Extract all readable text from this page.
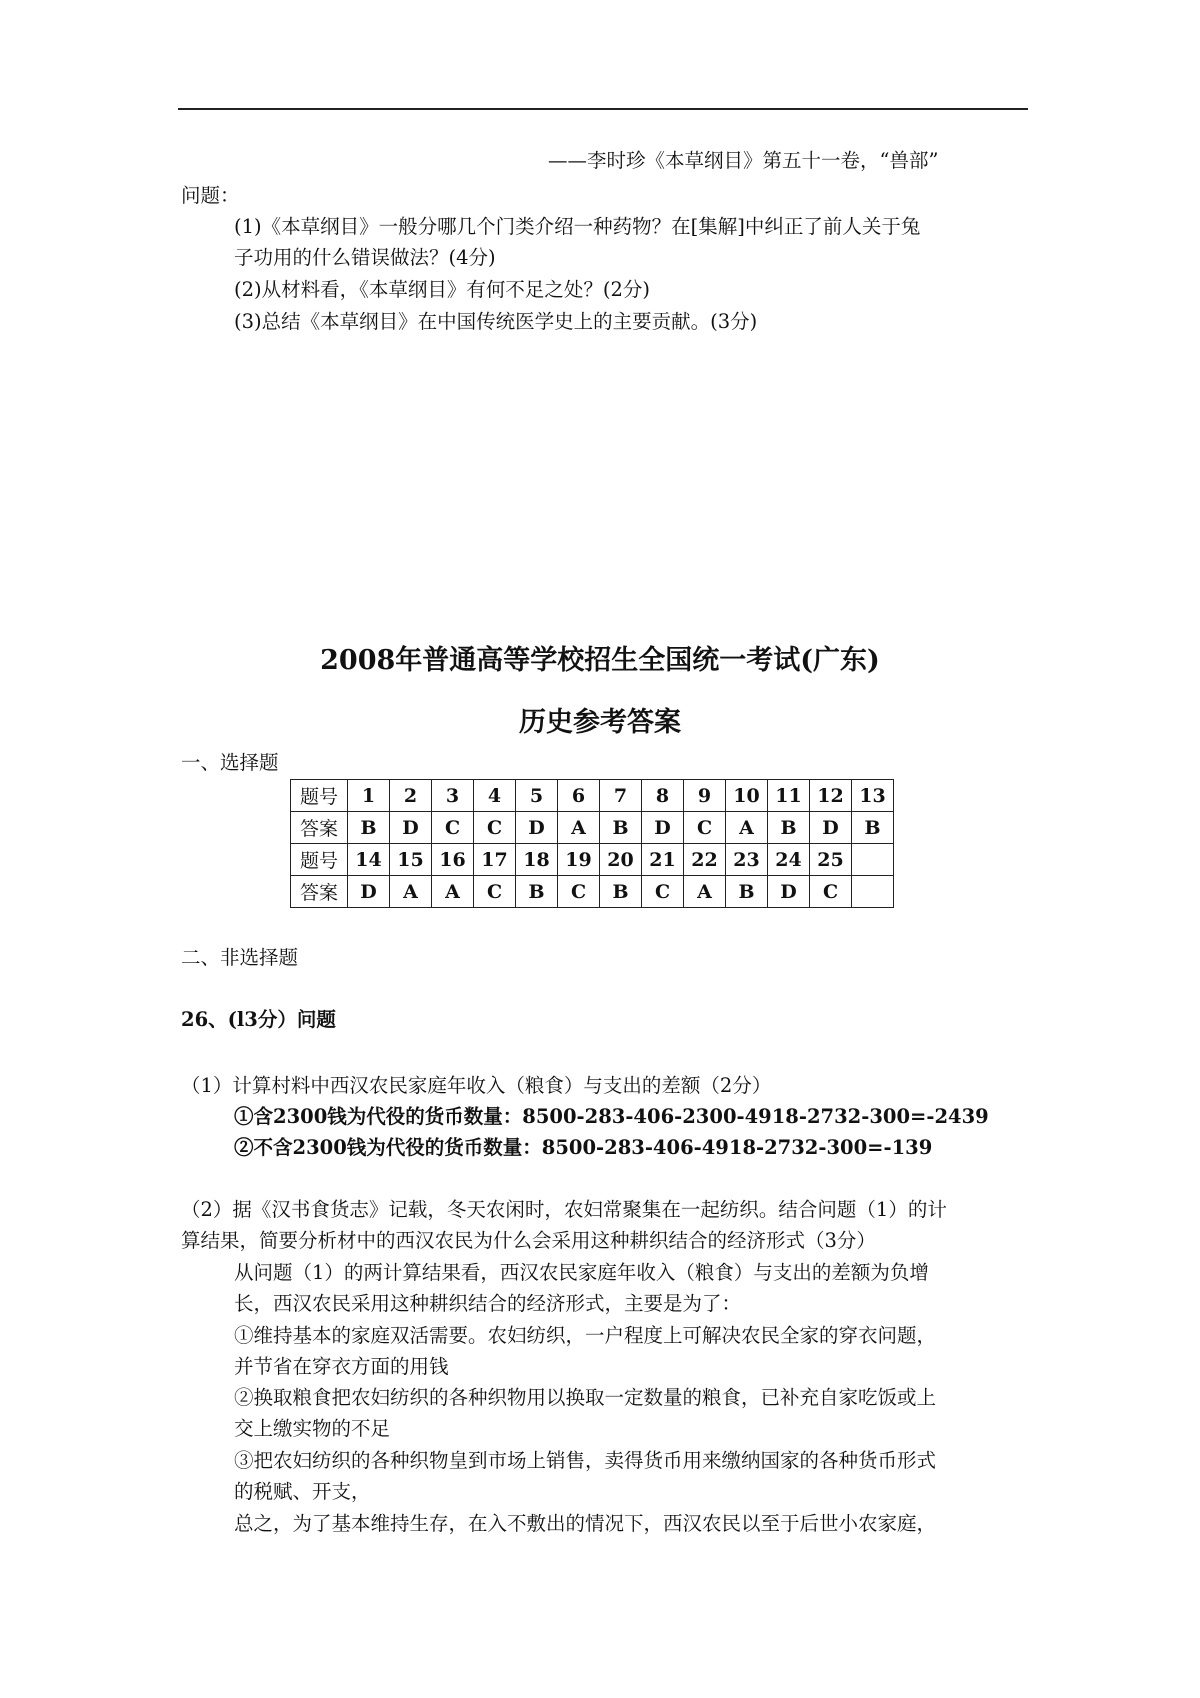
——李时珍《本草纲目》第五十一卷，“兽部”
问题：
(1)《本草纲目》一般分哪几个门类介绍一种药物？在[集解]中纠正了前人关于兔
子功用的什么错误做法？(4分)
(2)从材料看，《本草纲目》有何不足之处？(2分)
(3)总结《本草纲目》在中国传统医学史上的主要贡献。(3分)
2008年普通高等学校招生全国统一考试(广东)
历史参考答案
一、选择题
题号	1	2	3	4	5	6	7	8	9	10	11	12	13
答案	B	D	C	C	D	A	B	D	C	A	B	D	B
题号	14	15	16	17	18	19	20	21	22	23	24	25	
答案	D	A	A	C	B	C	B	C	A	B	D	C	
二、非选择题
26、(l3分）问题
（1）计算村料中西汉农民家庭年收入（粮食）与支出的差额（2分）
①含2300钱为代役的货币数量：8500-283-406-2300-4918-2732-300=-2439
②不含2300钱为代役的货币数量：8500-283-406-4918-2732-300=-139
（2）据《汉书食货志》记载，冬天农闲时，农妇常聚集在一起纺织。结合问题（1）的计
算结果，简要分析材中的西汉农民为什么会采用这种耕织结合的经济形式（3分）
从问题（1）的两计算结果看，西汉农民家庭年收入（粮食）与支出的差额为负增
长，西汉农民采用这种耕织结合的经济形式，主要是为了：
①维持基本的家庭双活需要。农妇纺织，一户程度上可解决农民全家的穿衣问题，
并节省在穿衣方面的用钱
②换取粮食把农妇纺织的各种织物用以换取一定数量的粮食，已补充自家吃饭或上
交上缴实物的不足
③把农妇纺织的各种织物皇到市场上销售，卖得货币用来缴纳国家的各种货币形式
的税赋、开支，
总之，为了基本维持生存，在入不敷出的情况下，西汉农民以至于后世小农家庭，
